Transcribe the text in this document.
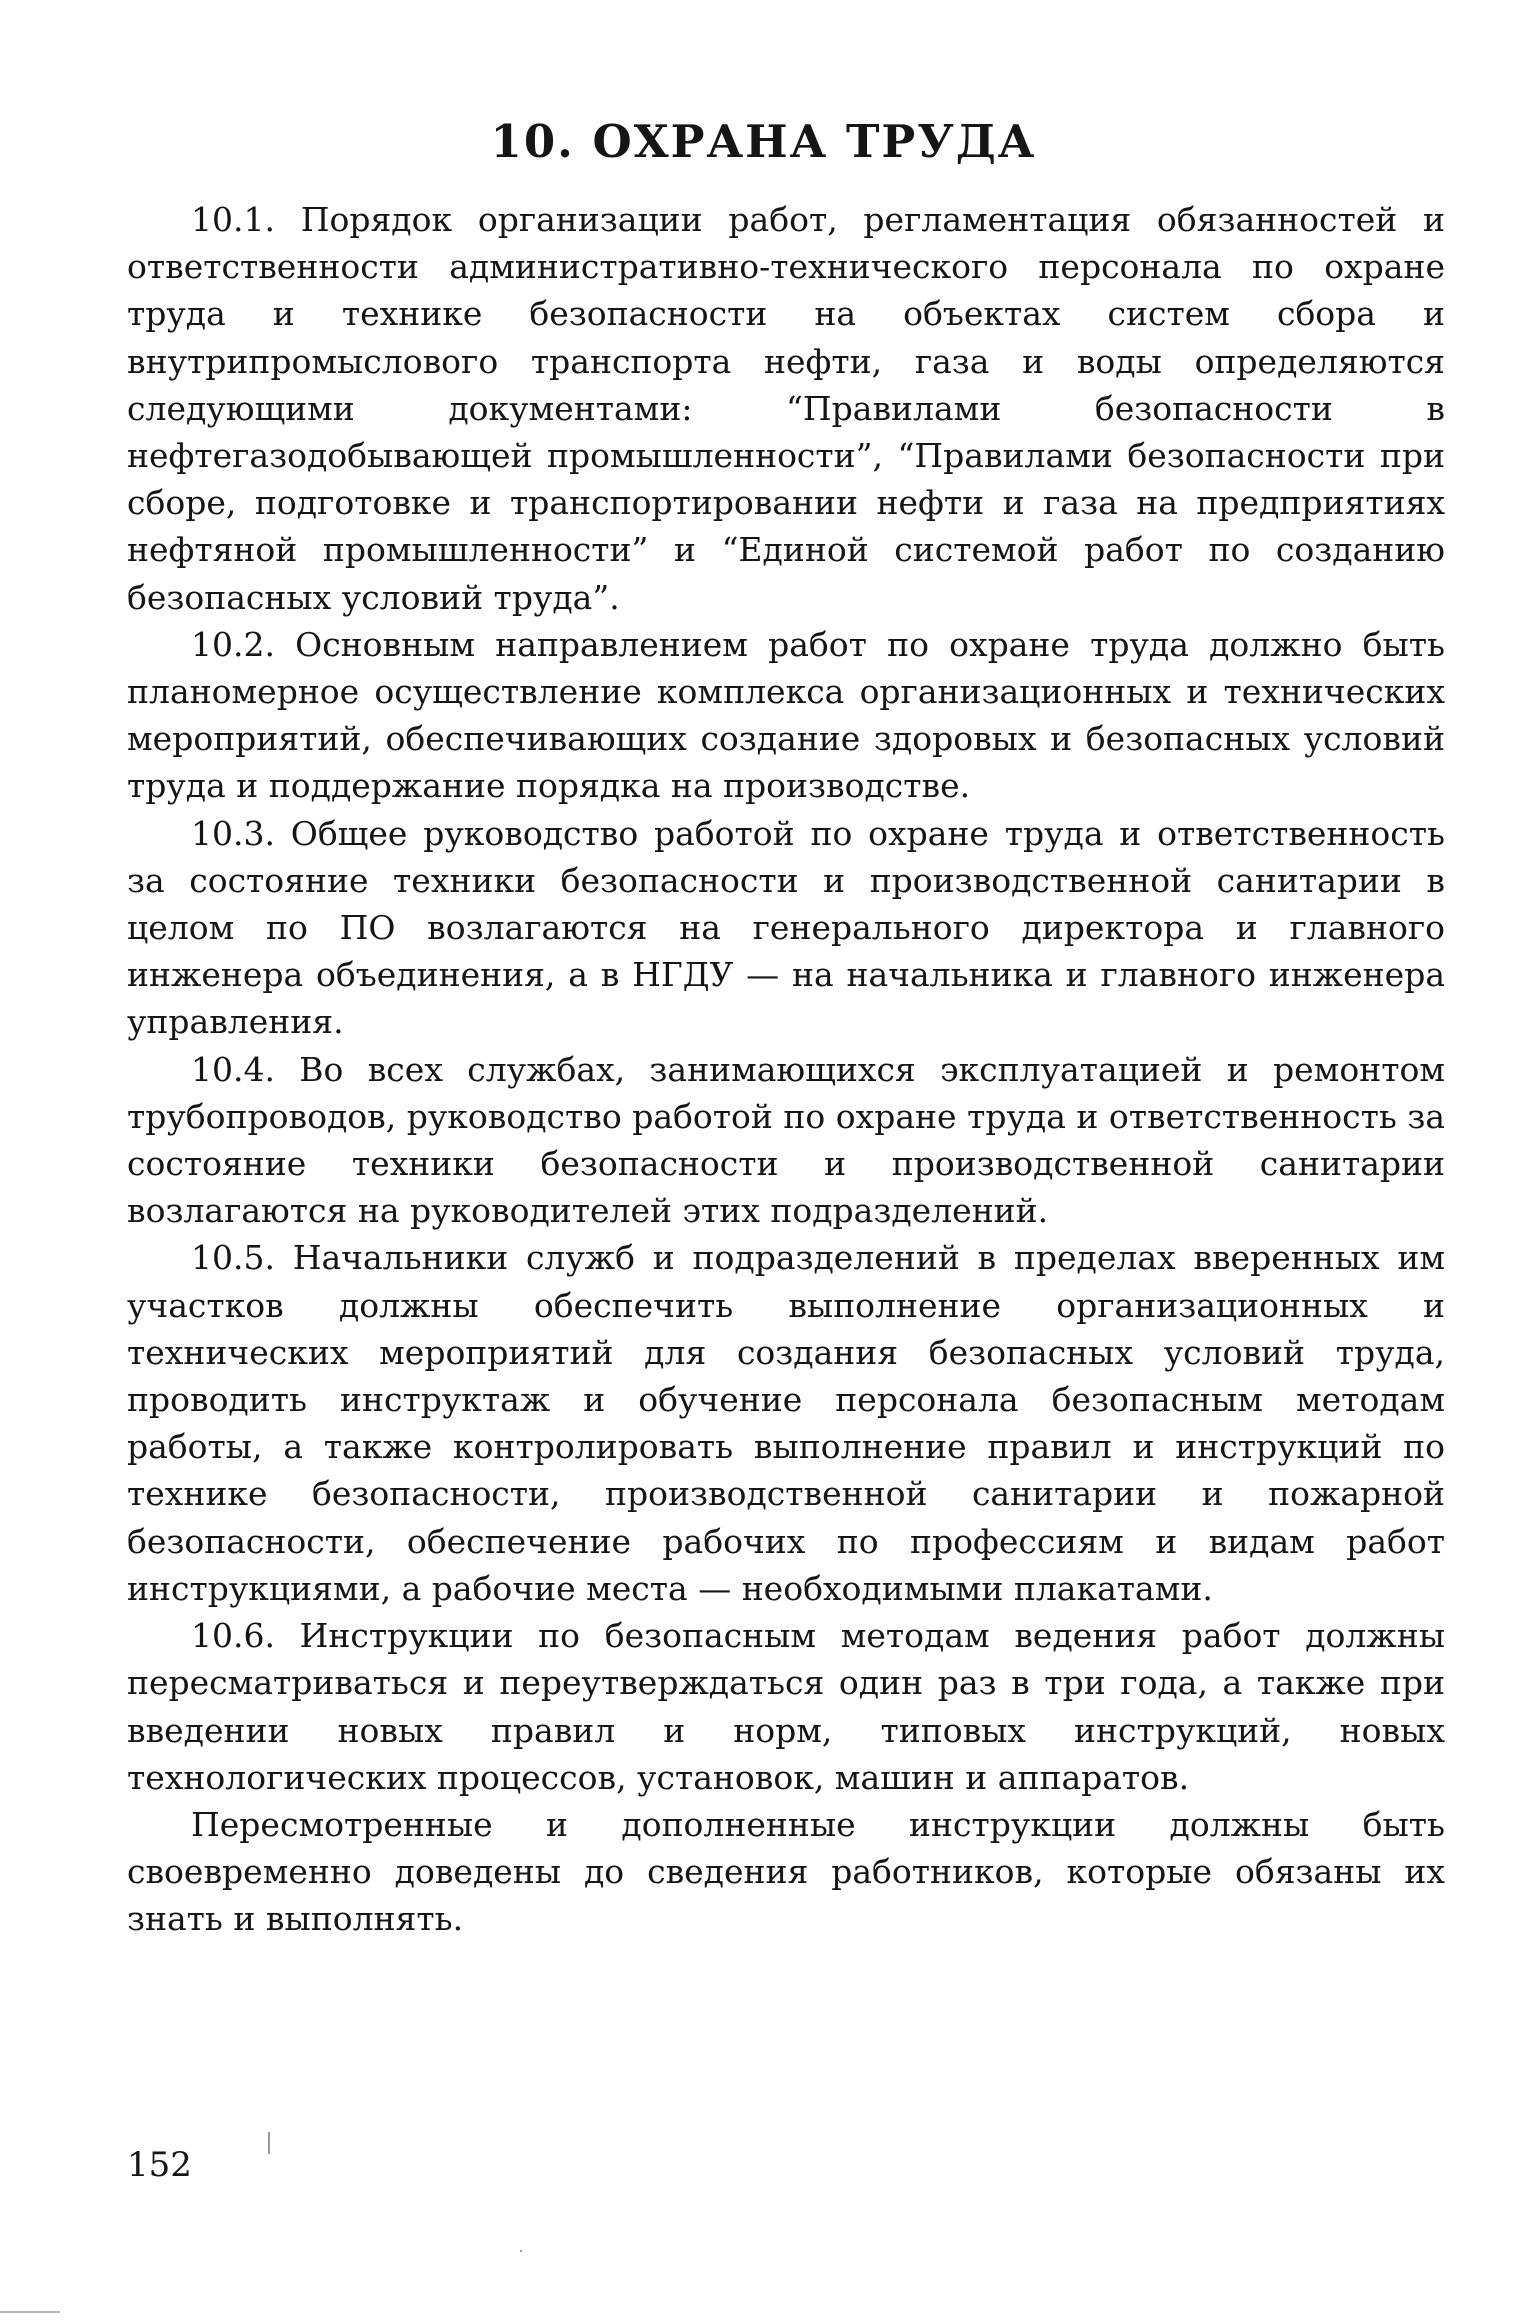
10. ОХРАНА ТРУДА

10.1. Порядок организации работ, регламентация обязанностей и ответственности административно-технического персонала по охране труда и технике безопасности на объектах систем сбора и внутрипромыслового транспорта нефти, газа и воды определяются следующими документами: “Правилами безопасности в нефтегазодобывающей промышленности”, “Правилами безопасности при сборе, подготовке и транспортировании нефти и газа на предприятиях нефтяной промышленности” и “Единой системой работ по созданию безопасных условий труда”.

10.2. Основным направлением работ по охране труда должно быть планомерное осуществление комплекса организационных и технических мероприятий, обеспечивающих создание здоровых и безопасных условий труда и поддержание порядка на производстве.

10.3. Общее руководство работой по охране труда и ответственность за состояние техники безопасности и производственной санитарии в целом по ПО возлагаются на генерального директора и главного инженера объединения, а в НГДУ — на начальника и главного инженера управления.

10.4. Во всех службах, занимающихся эксплуатацией и ремонтом трубопроводов, руководство работой по охране труда и ответственность за состояние техники безопасности и производственной санитарии возлагаются на руководителей этих подразделений.

10.5. Начальники служб и подразделений в пределах вверенных им участков должны обеспечить выполнение организационных и технических мероприятий для создания безопасных условий труда, проводить инструктаж и обучение персонала безопасным методам работы, а также контролировать выполнение правил и инструкций по технике безопасности, производственной санитарии и пожарной безопасности, обеспечение рабочих по профессиям и видам работ инструкциями, а рабочие места — необходимыми плакатами.

10.6. Инструкции по безопасным методам ведения работ должны пересматриваться и переутверждаться один раз в три года, а также при введении новых правил и норм, типовых инструкций, новых технологических процессов, установок, машин и аппаратов.

Пересмотренные и дополненные инструкции должны быть своевременно доведены до сведения работников, которые обязаны их знать и выполнять.

152
